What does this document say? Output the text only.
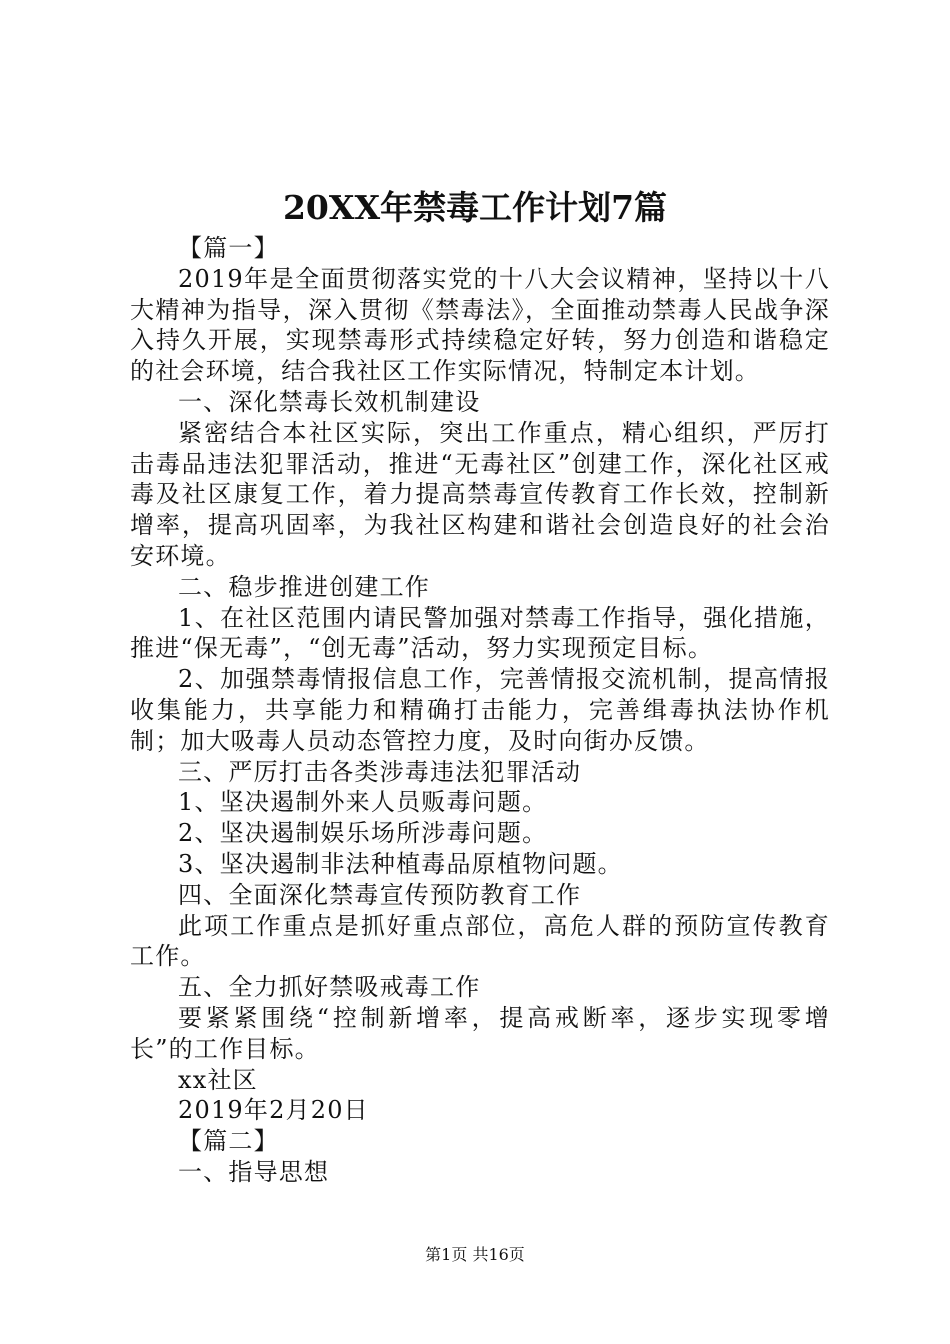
20XX年禁毒工作计划7篇

【篇一】

2019年是全面贯彻落实党的十八大会议精神，坚持以十八大精神为指导，深入贯彻《禁毒法》，全面推动禁毒人民战争深入持久开展，实现禁毒形式持续稳定好转，努力创造和谐稳定的社会环境，结合我社区工作实际情况，特制定本计划。

一、深化禁毒长效机制建设

紧密结合本社区实际，突出工作重点，精心组织，严厉打击毒品违法犯罪活动，推进“无毒社区”创建工作，深化社区戒毒及社区康复工作，着力提高禁毒宣传教育工作长效，控制新增率，提高巩固率，为我社区构建和谐社会创造良好的社会治安环境。

二、稳步推进创建工作

1、在社区范围内请民警加强对禁毒工作指导，强化措施，推进“保无毒”，“创无毒”活动，努力实现预定目标。

2、加强禁毒情报信息工作，完善情报交流机制，提高情报收集能力，共享能力和精确打击能力，完善缉毒执法协作机制；加大吸毒人员动态管控力度，及时向街办反馈。

三、严厉打击各类涉毒违法犯罪活动

1、坚决遏制外来人员贩毒问题。

2、坚决遏制娱乐场所涉毒问题。

3、坚决遏制非法种植毒品原植物问题。

四、全面深化禁毒宣传预防教育工作

此项工作重点是抓好重点部位，高危人群的预防宣传教育工作。

五、全力抓好禁吸戒毒工作

要紧紧围绕“控制新增率，提高戒断率，逐步实现零增长”的工作目标。

xx社区

2019年2月20日

【篇二】

一、指导思想

第1页 共16页
